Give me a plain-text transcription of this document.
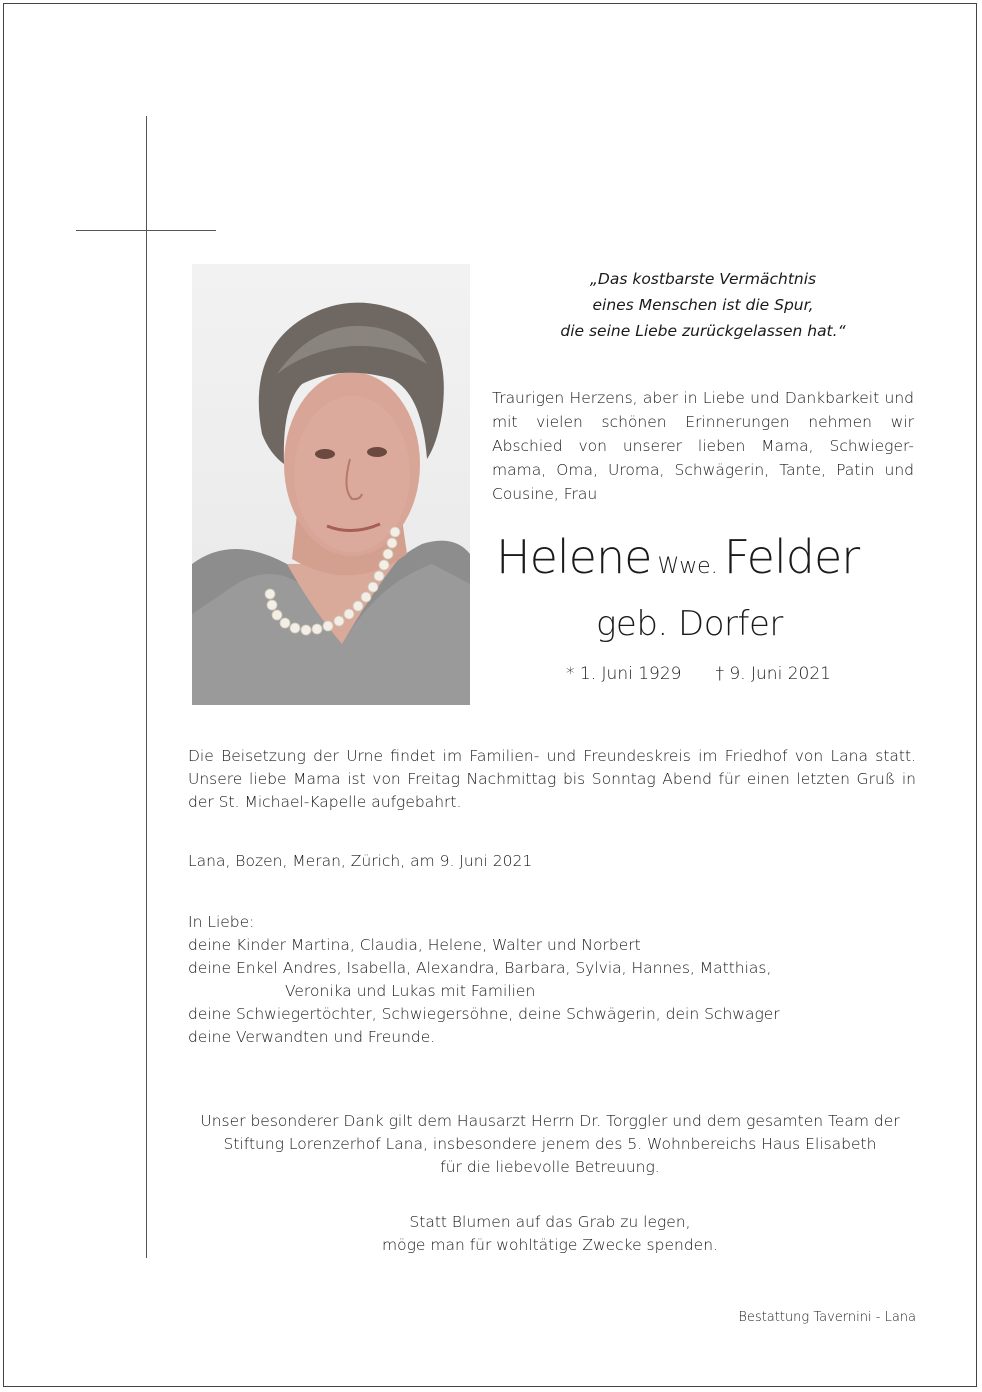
„Das kostbarste Vermächtnis
eines Menschen ist die Spur,
die seine Liebe zurückgelassen hat.“
Traurigen Herzens, aber in Liebe und Dankbarkeit und
mit vielen schönen Erinnerungen nehmen wir
Abschied von unserer lieben Mama, Schwieger-
mama, Oma, Uroma, Schwägerin, Tante, Patin und
Cousine, Frau
Helene Wwe. Felder
geb. Dorfer
* 1. Juni 1929 † 9. Juni 2021
Die Beisetzung der Urne findet im Familien- und Freundeskreis im Friedhof von Lana statt.
Unsere liebe Mama ist von Freitag Nachmittag bis Sonntag Abend für einen letzten Gruß in
der St. Michael-Kapelle aufgebahrt.
Lana, Bozen, Meran, Zürich, am 9. Juni 2021
In Liebe:
deine Kinder Martina, Claudia, Helene, Walter und Norbert
deine Enkel Andres, Isabella, Alexandra, Barbara, Sylvia, Hannes, Matthias,
Veronika und Lukas mit Familien
deine Schwiegertöchter, Schwiegersöhne, deine Schwägerin, dein Schwager
deine Verwandten und Freunde.
Unser besonderer Dank gilt dem Hausarzt Herrn Dr. Torggler und dem gesamten Team der
Stiftung Lorenzerhof Lana, insbesondere jenem des 5. Wohnbereichs Haus Elisabeth
für die liebevolle Betreuung.
Statt Blumen auf das Grab zu legen,
möge man für wohltätige Zwecke spenden.
Bestattung Tavernini - Lana
